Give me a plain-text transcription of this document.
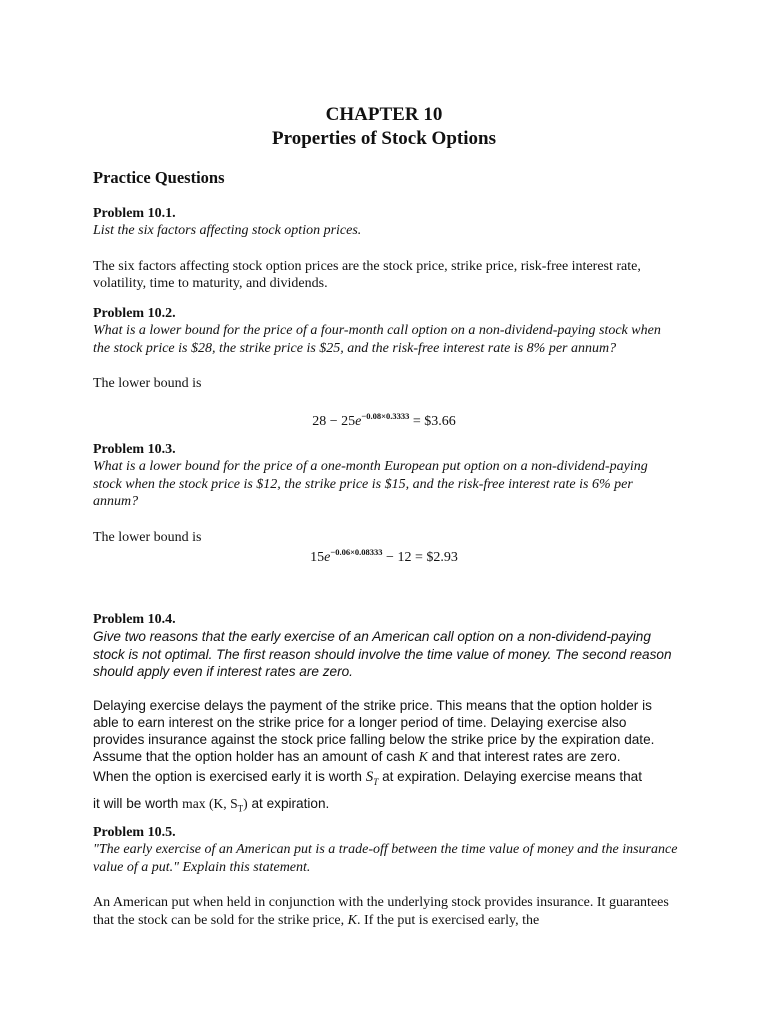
CHAPTER 10
Properties of Stock Options
Practice Questions
Problem 10.1.
List the six factors affecting stock option prices.
The six factors affecting stock option prices are the stock price, strike price, risk-free interest rate, volatility, time to maturity, and dividends.
Problem 10.2.
What is a lower bound for the price of a four-month call option on a non-dividend-paying stock when the stock price is $28, the strike price is $25, and the risk-free interest rate is 8% per annum?
The lower bound is
$28 - 25e^{-0.08\times 0.3333}$ = $3.66
Problem 10.3.
What is a lower bound for the price of a one-month European put option on a non-dividend-paying stock when the stock price is $12, the strike price is $15, and the risk-free interest rate is 6% per annum?
The lower bound is
$15e^{-0.06\times 0.08333} - 12$ = $2.93
Problem 10.4.
Give two reasons that the early exercise of an American call option on a non-dividend-paying stock is not optimal. The first reason should involve the time value of money. The second reason should apply even if interest rates are zero.
Delaying exercise delays the payment of the strike price. This means that the option holder is able to earn interest on the strike price for a longer period of time. Delaying exercise also provides insurance against the stock price falling below the strike price by the expiration date. Assume that the option holder has an amount of cash K and that interest rates are zero.
When the option is exercised early it is worth $S_T$ at expiration. Delaying exercise means that
it will be worth max (K, $S_T$) at expiration.
Problem 10.5.
"The early exercise of an American put is a trade-off between the time value of money and the insurance value of a put." Explain this statement.
An American put when held in conjunction with the underlying stock provides insurance. It guarantees that the stock can be sold for the strike price, K. If the put is exercised early, the
